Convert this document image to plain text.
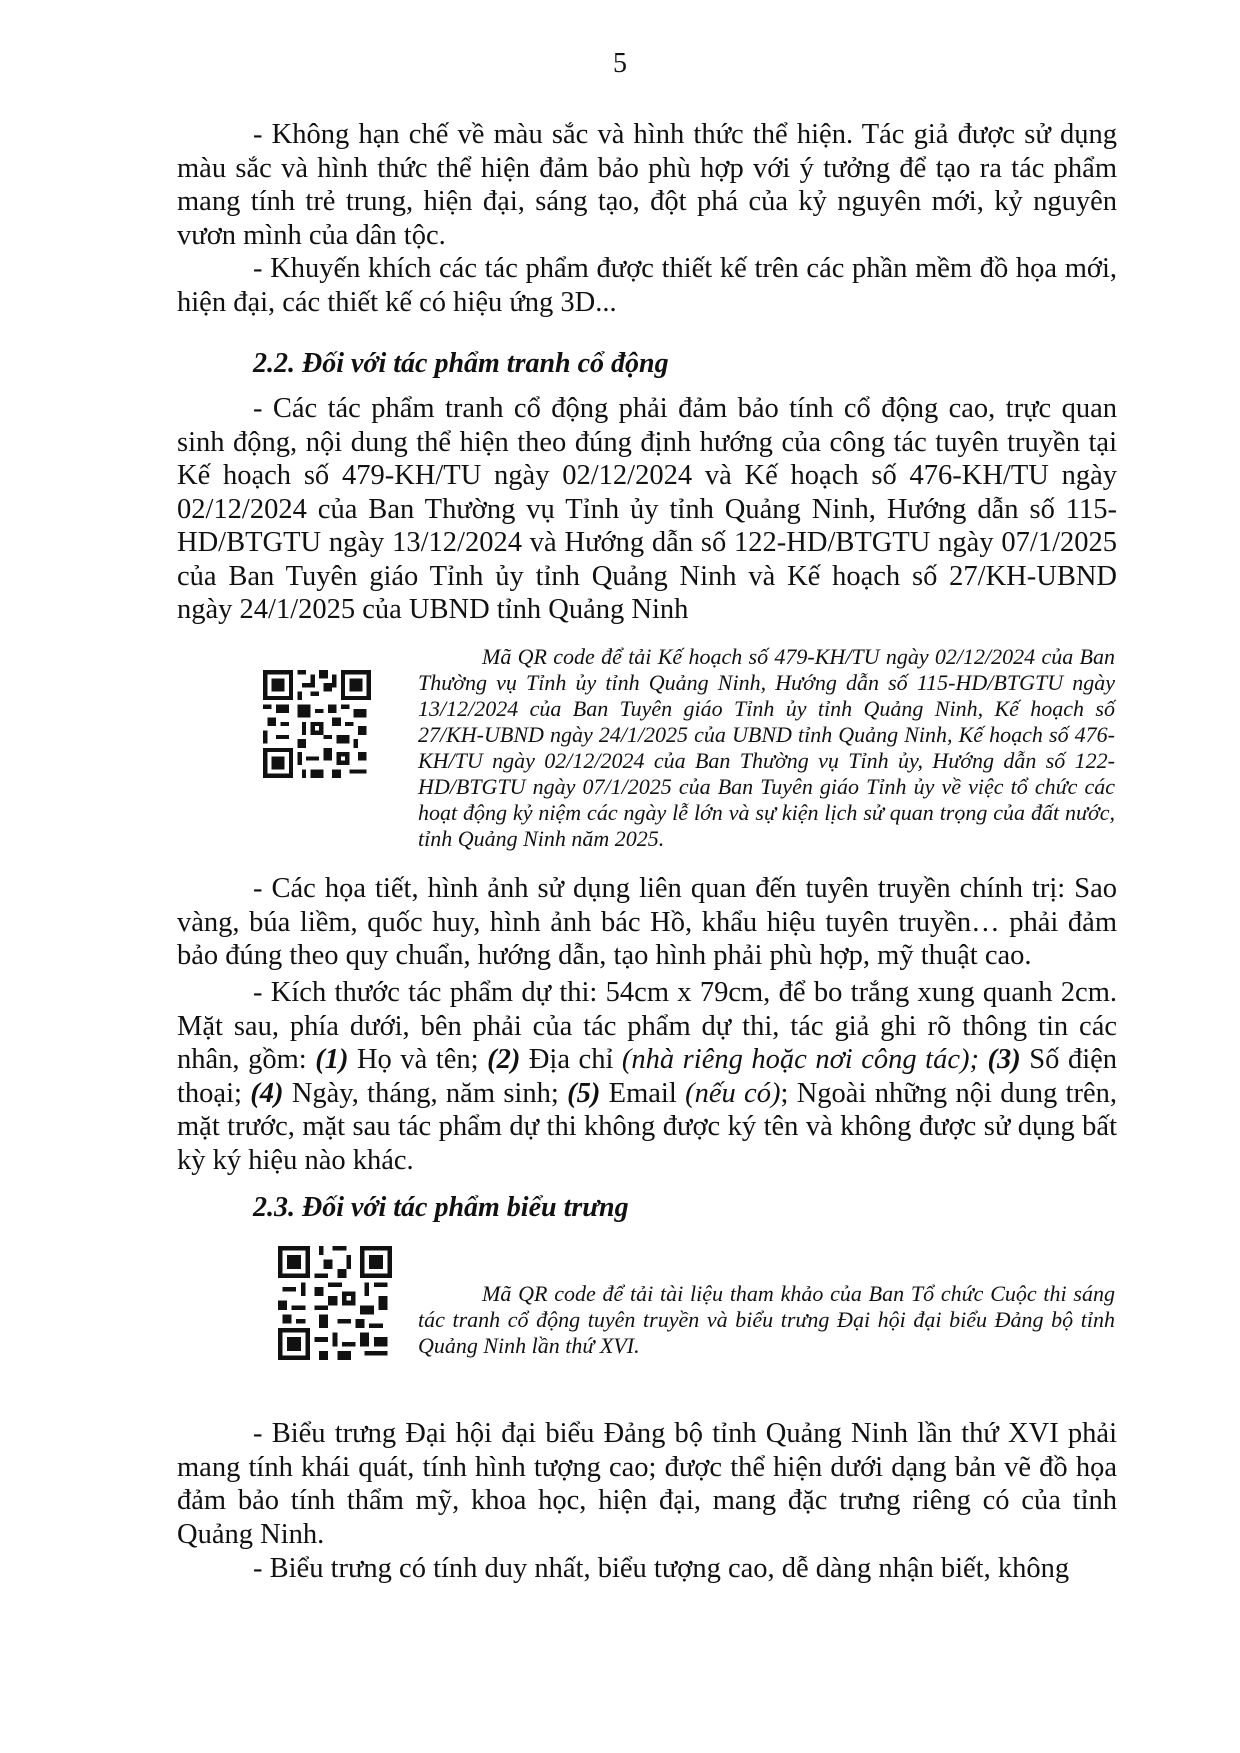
5

- Không hạn chế về màu sắc và hình thức thể hiện. Tác giả được sử dụng màu sắc và hình thức thể hiện đảm bảo phù hợp với ý tưởng để tạo ra tác phẩm mang tính trẻ trung, hiện đại, sáng tạo, đột phá của kỷ nguyên mới, kỷ nguyên vươn mình của dân tộc.

- Khuyến khích các tác phẩm được thiết kế trên các phần mềm đồ họa mới, hiện đại, các thiết kế có hiệu ứng 3D...

2.2. Đối với tác phẩm tranh cổ động

- Các tác phẩm tranh cổ động phải đảm bảo tính cổ động cao, trực quan sinh động, nội dung thể hiện theo đúng định hướng của công tác tuyên truyền tại Kế hoạch số 479-KH/TU ngày 02/12/2024 và Kế hoạch số 476-KH/TU ngày 02/12/2024 của Ban Thường vụ Tỉnh ủy tỉnh Quảng Ninh, Hướng dẫn số 115-HD/BTGTU ngày 13/12/2024 và Hướng dẫn số 122-HD/BTGTU ngày 07/1/2025 của Ban Tuyên giáo Tỉnh ủy tỉnh Quảng Ninh và Kế hoạch số 27/KH-UBND ngày 24/1/2025 của UBND tỉnh Quảng Ninh

Mã QR code để tải Kế hoạch số 479-KH/TU ngày 02/12/2024 của Ban Thường vụ Tỉnh ủy tỉnh Quảng Ninh, Hướng dẫn số 115-HD/BTGTU ngày 13/12/2024 của Ban Tuyên giáo Tỉnh ủy tỉnh Quảng Ninh, Kế hoạch số 27/KH-UBND ngày 24/1/2025 của UBND tỉnh Quảng Ninh, Kế hoạch số 476-KH/TU ngày 02/12/2024 của Ban Thường vụ Tỉnh ủy, Hướng dẫn số 122-HD/BTGTU ngày 07/1/2025 của Ban Tuyên giáo Tỉnh ủy về việc tổ chức các hoạt động kỷ niệm các ngày lễ lớn và sự kiện lịch sử quan trọng của đất nước, tỉnh Quảng Ninh năm 2025.

- Các họa tiết, hình ảnh sử dụng liên quan đến tuyên truyền chính trị: Sao vàng, búa liềm, quốc huy, hình ảnh bác Hồ, khẩu hiệu tuyên truyền… phải đảm bảo đúng theo quy chuẩn, hướng dẫn, tạo hình phải phù hợp, mỹ thuật cao.

- Kích thước tác phẩm dự thi: 54cm x 79cm, để bo trắng xung quanh 2cm. Mặt sau, phía dưới, bên phải của tác phẩm dự thi, tác giả ghi rõ thông tin các nhân, gồm: (1) Họ và tên; (2) Địa chỉ (nhà riêng hoặc nơi công tác); (3) Số điện thoại; (4) Ngày, tháng, năm sinh; (5) Email (nếu có); Ngoài những nội dung trên, mặt trước, mặt sau tác phẩm dự thi không được ký tên và không được sử dụng bất kỳ ký hiệu nào khác.

2.3. Đối với tác phẩm biểu trưng

Mã QR code để tải tài liệu tham khảo của Ban Tổ chức Cuộc thi sáng tác tranh cổ động tuyên truyền và biểu trưng Đại hội đại biểu Đảng bộ tỉnh Quảng Ninh lần thứ XVI.

- Biểu trưng Đại hội đại biểu Đảng bộ tỉnh Quảng Ninh lần thứ XVI phải mang tính khái quát, tính hình tượng cao; được thể hiện dưới dạng bản vẽ đồ họa đảm bảo tính thẩm mỹ, khoa học, hiện đại, mang đặc trưng riêng có của tỉnh Quảng Ninh.

- Biểu trưng có tính duy nhất, biểu tượng cao, dễ dàng nhận biết, không
